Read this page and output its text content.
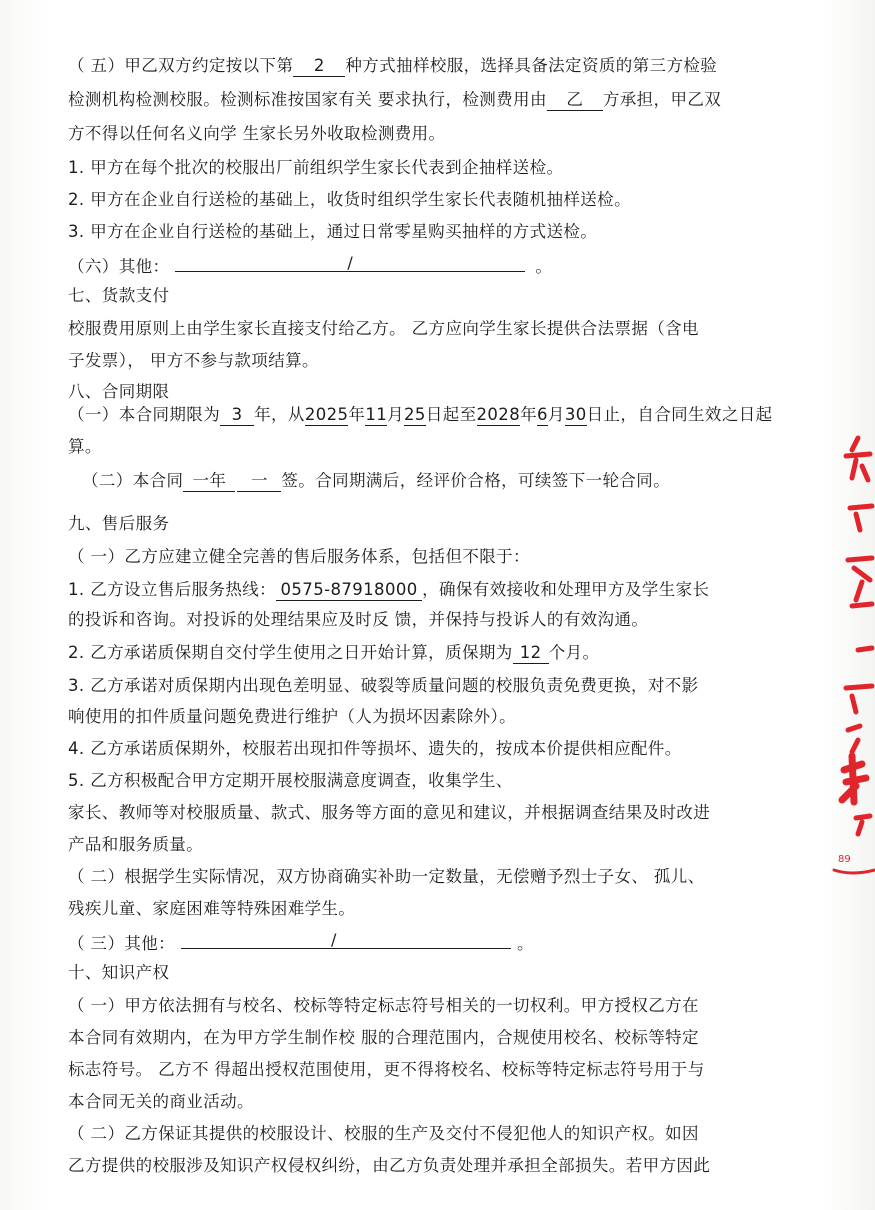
（ 五）甲乙双方约定按以下第 2 种方式抽样校服，选择具备法定资质的第三方检验
检测机构检测校服。检测标准按国家有关 要求执行，检测费用由 乙 方承担，甲乙双
方不得以任何名义向学 生家长另外收取检测费用。
1. 甲方在每个批次的校服出厂前组织学生家长代表到企抽样送检。
2. 甲方在企业自行送检的基础上，收货时组织学生家长代表随机抽样送检。
3. 甲方在企业自行送检的基础上，通过日常零星购买抽样的方式送检。
（六）其他：	/	。
七、货款支付
校服费用原则上由学生家长直接支付给乙方。 乙方应向学生家长提供合法票据（含电
子发票）， 甲方不参与款项结算。
八、合同期限
（一）本合同期限为 3 年，从2025年11月25日起至2028年6月30日止，自合同生效之日起
算。
（二）本合同 一年 一 签。合同期满后，经评价合格，可续签下一轮合同。
九、售后服务
（ 一）乙方应建立健全完善的售后服务体系，包括但不限于：
1. 乙方设立售后服务热线： 0575-87918000 ，确保有效接收和处理甲方及学生家长
的投诉和咨询。对投诉的处理结果应及时反 馈，并保持与投诉人的有效沟通。
2. 乙方承诺质保期自交付学生使用之日开始计算，质保期为 12 个月。
3. 乙方承诺对质保期内出现色差明显、破裂等质量问题的校服负责免费更换，对不影
响使用的扣件质量问题免费进行维护（人为损坏因素除外）。
4. 乙方承诺质保期外，校服若出现扣件等损坏、遗失的，按成本价提供相应配件。
5. 乙方积极配合甲方定期开展校服满意度调查，收集学生、
家长、教师等对校服质量、款式、服务等方面的意见和建议，并根据调查结果及时改进
产品和服务质量。
（ 二）根据学生实际情况，双方协商确实补助一定数量，无偿赠予烈士子女、 孤儿、
残疾儿童、家庭困难等特殊困难学生。
（ 三）其他：	/	。
十、知识产权
（ 一）甲方依法拥有与校名、校标等特定标志符号相关的一切权利。甲方授权乙方在
本合同有效期内，在为甲方学生制作校 服的合理范围内，合规使用校名、校标等特定
标志符号。 乙方不 得超出授权范围使用，更不得将校名、校标等特定标志符号用于与
本合同无关的商业活动。
（ 二）乙方保证其提供的校服设计、校服的生产及交付不侵犯他人的知识产权。如因
乙方提供的校服涉及知识产权侵权纠纷，由乙方负责处理并承担全部损失。若甲方因此
89
